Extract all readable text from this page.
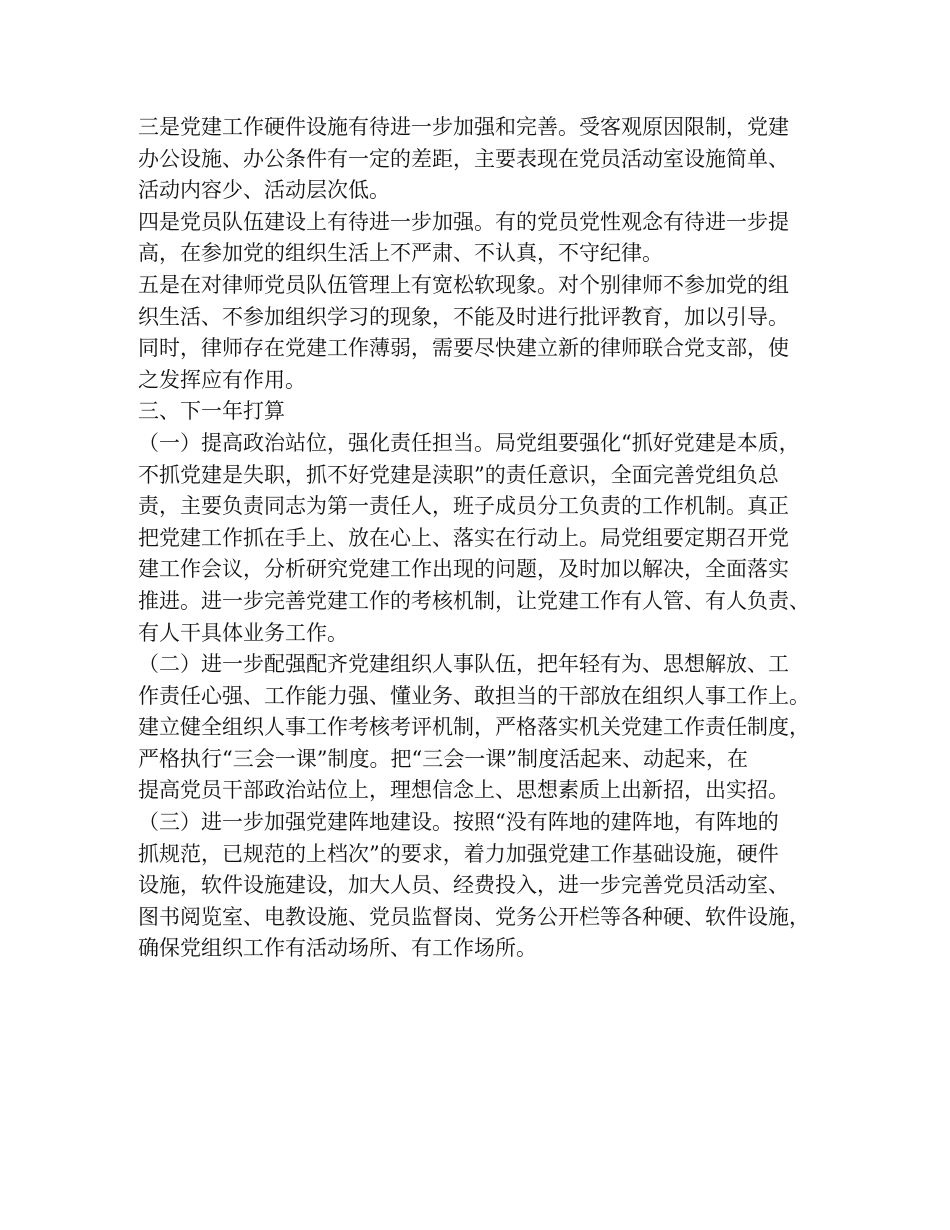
三是党建工作硬件设施有待进一步加强和完善。受客观原因限制，党建
办公设施、办公条件有一定的差距，主要表现在党员活动室设施简单、
活动内容少、活动层次低。
四是党员队伍建设上有待进一步加强。有的党员党性观念有待进一步提
高，在参加党的组织生活上不严肃、不认真，不守纪律。
五是在对律师党员队伍管理上有宽松软现象。对个别律师不参加党的组
织生活、不参加组织学习的现象，不能及时进行批评教育，加以引导。
同时，律师存在党建工作薄弱，需要尽快建立新的律师联合党支部，使
之发挥应有作用。
三、下一年打算
（一）提高政治站位，强化责任担当。局党组要强化“抓好党建是本质，
不抓党建是失职，抓不好党建是渎职”的责任意识，全面完善党组负总
责，主要负责同志为第一责任人，班子成员分工负责的工作机制。真正
把党建工作抓在手上、放在心上、落实在行动上。局党组要定期召开党
建工作会议，分析研究党建工作出现的问题，及时加以解决，全面落实
推进。进一步完善党建工作的考核机制，让党建工作有人管、有人负责、
有人干具体业务工作。
（二）进一步配强配齐党建组织人事队伍，把年轻有为、思想解放、工
作责任心强、工作能力强、懂业务、敢担当的干部放在组织人事工作上。
建立健全组织人事工作考核考评机制，严格落实机关党建工作责任制度，
严格执行“三会一课”制度。把“三会一课”制度活起来、动起来，在
提高党员干部政治站位上，理想信念上、思想素质上出新招，出实招。
（三）进一步加强党建阵地建设。按照“没有阵地的建阵地，有阵地的
抓规范，已规范的上档次”的要求，着力加强党建工作基础设施，硬件
设施，软件设施建设，加大人员、经费投入，进一步完善党员活动室、
图书阅览室、电教设施、党员监督岗、党务公开栏等各种硬、软件设施，
确保党组织工作有活动场所、有工作场所。
